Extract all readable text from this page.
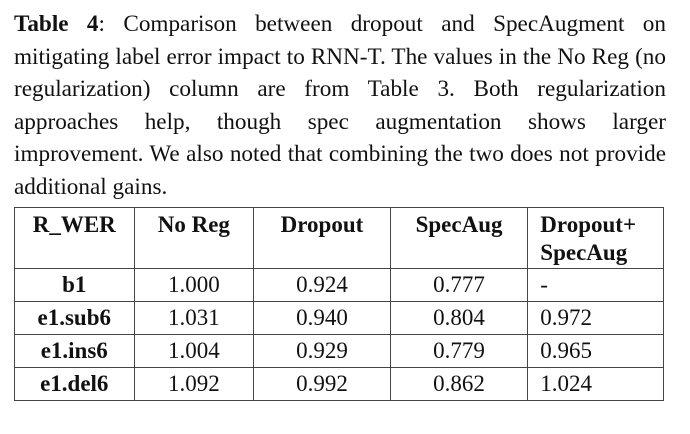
Table 4: Comparison between dropout and SpecAugment on mitigating label error impact to RNN-T. The values in the No Reg (no regularization) column are from Table 3. Both regularization approaches help, though spec augmentation shows larger improvement. We also noted that combining the two does not provide additional gains.
R_WER	No Reg	Dropout	SpecAug	Dropout+ SpecAug
b1	1.000	0.924	0.777	-
e1.sub6	1.031	0.940	0.804	0.972
e1.ins6	1.004	0.929	0.779	0.965
e1.del6	1.092	0.992	0.862	1.024
